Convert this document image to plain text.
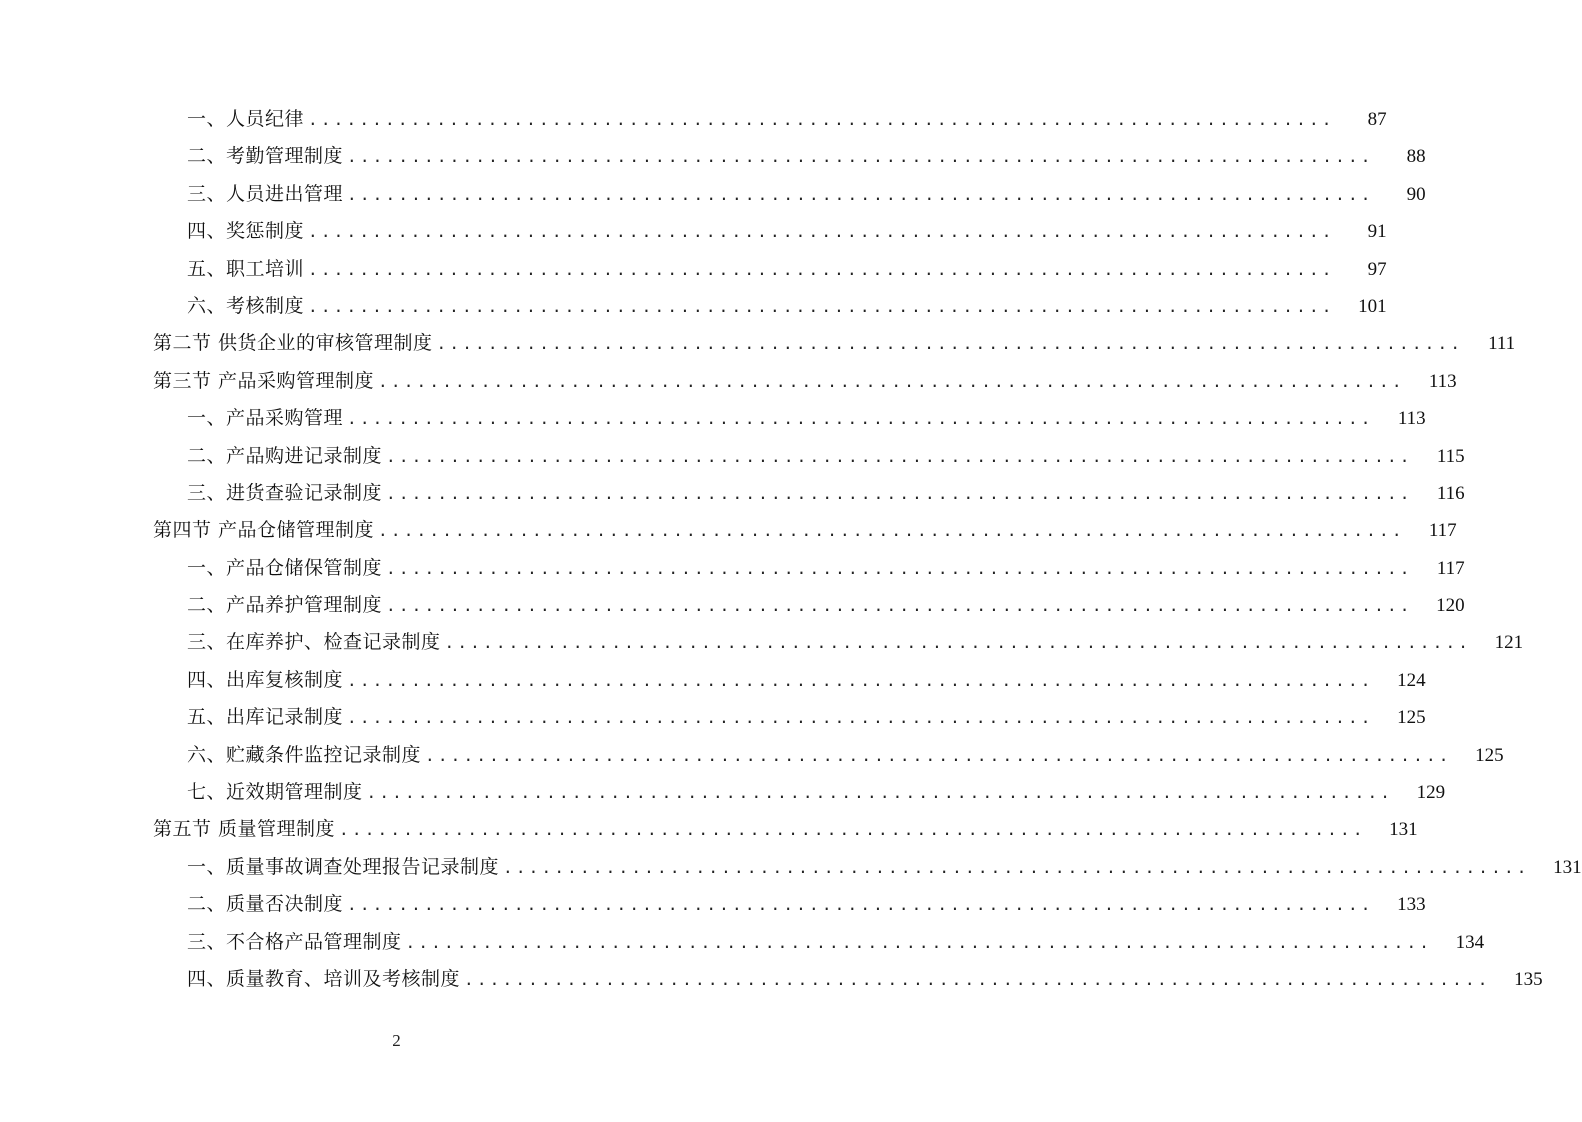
一、人员纪律 ................................................................................	87
二、考勤管理制度 ................................................................................	88
三、人员进出管理 ................................................................................	90
四、奖惩制度 ................................................................................	91
五、职工培训 ................................................................................	97
六、考核制度 ................................................................................	101
第二节 供货企业的审核管理制度 ................................................................................	111
第三节 产品采购管理制度 ................................................................................	113
一、产品采购管理 ................................................................................	113
二、产品购进记录制度 ................................................................................	115
三、进货查验记录制度 ................................................................................	116
第四节 产品仓储管理制度 ................................................................................	117
一、产品仓储保管制度 ................................................................................	117
二、产品养护管理制度 ................................................................................	120
三、在库养护、检查记录制度 ................................................................................	121
四、出库复核制度 ................................................................................	124
五、出库记录制度 ................................................................................	125
六、贮藏条件监控记录制度 ................................................................................	125
七、近效期管理制度 ................................................................................	129
第五节 质量管理制度 ................................................................................	131
一、质量事故调查处理报告记录制度 ................................................................................	131
二、质量否决制度 ................................................................................	133
三、不合格产品管理制度 ................................................................................	134
四、质量教育、培训及考核制度 ................................................................................	135
2
